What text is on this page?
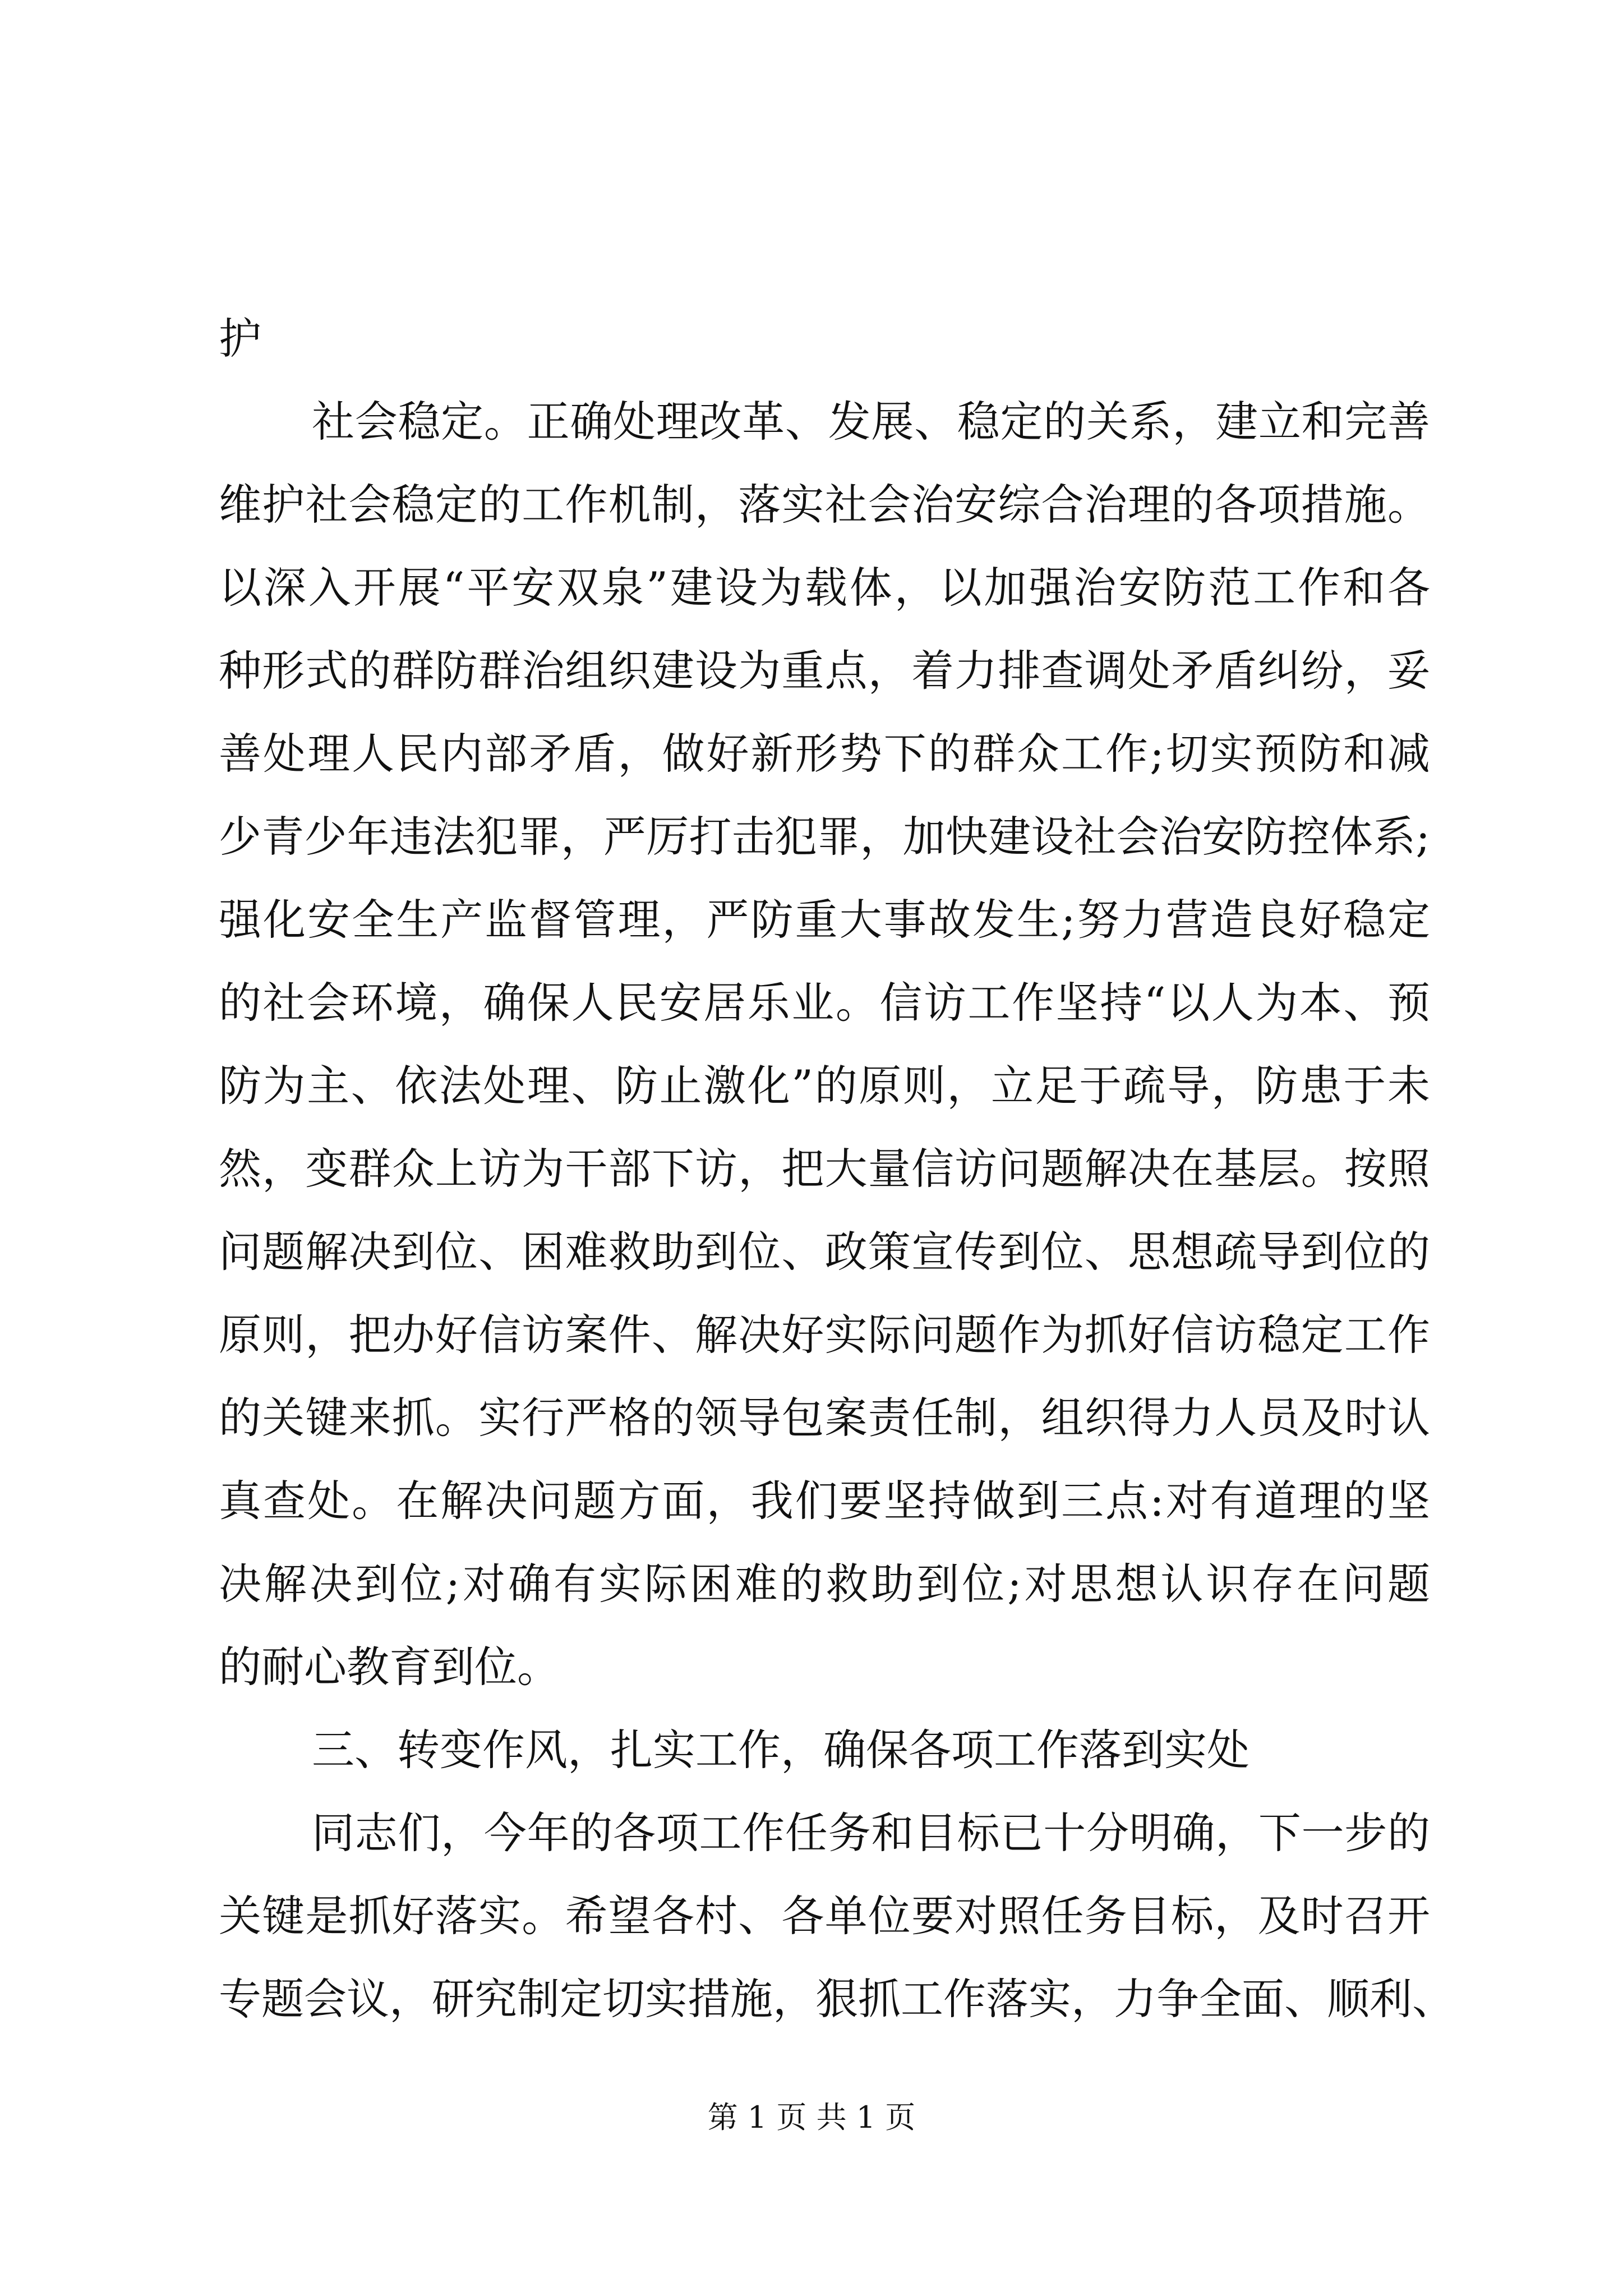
护
社会稳定。正确处理改革、发展、稳定的关系，建立和完善
维护社会稳定的工作机制，落实社会治安综合治理的各项措施。
以深入开展“平安双泉”建设为载体，以加强治安防范工作和各
种形式的群防群治组织建设为重点，着力排查调处矛盾纠纷，妥
善处理人民内部矛盾，做好新形势下的群众工作;切实预防和减
少青少年违法犯罪，严厉打击犯罪，加快建设社会治安防控体系;
强化安全生产监督管理，严防重大事故发生;努力营造良好稳定
的社会环境，确保人民安居乐业。信访工作坚持“以人为本、预
防为主、依法处理、防止激化”的原则，立足于疏导，防患于未
然，变群众上访为干部下访，把大量信访问题解决在基层。按照
问题解决到位、困难救助到位、政策宣传到位、思想疏导到位的
原则，把办好信访案件、解决好实际问题作为抓好信访稳定工作
的关键来抓。实行严格的领导包案责任制，组织得力人员及时认
真查处。在解决问题方面，我们要坚持做到三点:对有道理的坚
决解决到位;对确有实际困难的救助到位;对思想认识存在问题
的耐心教育到位。
三、转变作风，扎实工作，确保各项工作落到实处
同志们，今年的各项工作任务和目标已十分明确，下一步的
关键是抓好落实。希望各村、各单位要对照任务目标，及时召开
专题会议，研究制定切实措施，狠抓工作落实，力争全面、顺利、
第 1 页 共 1 页
